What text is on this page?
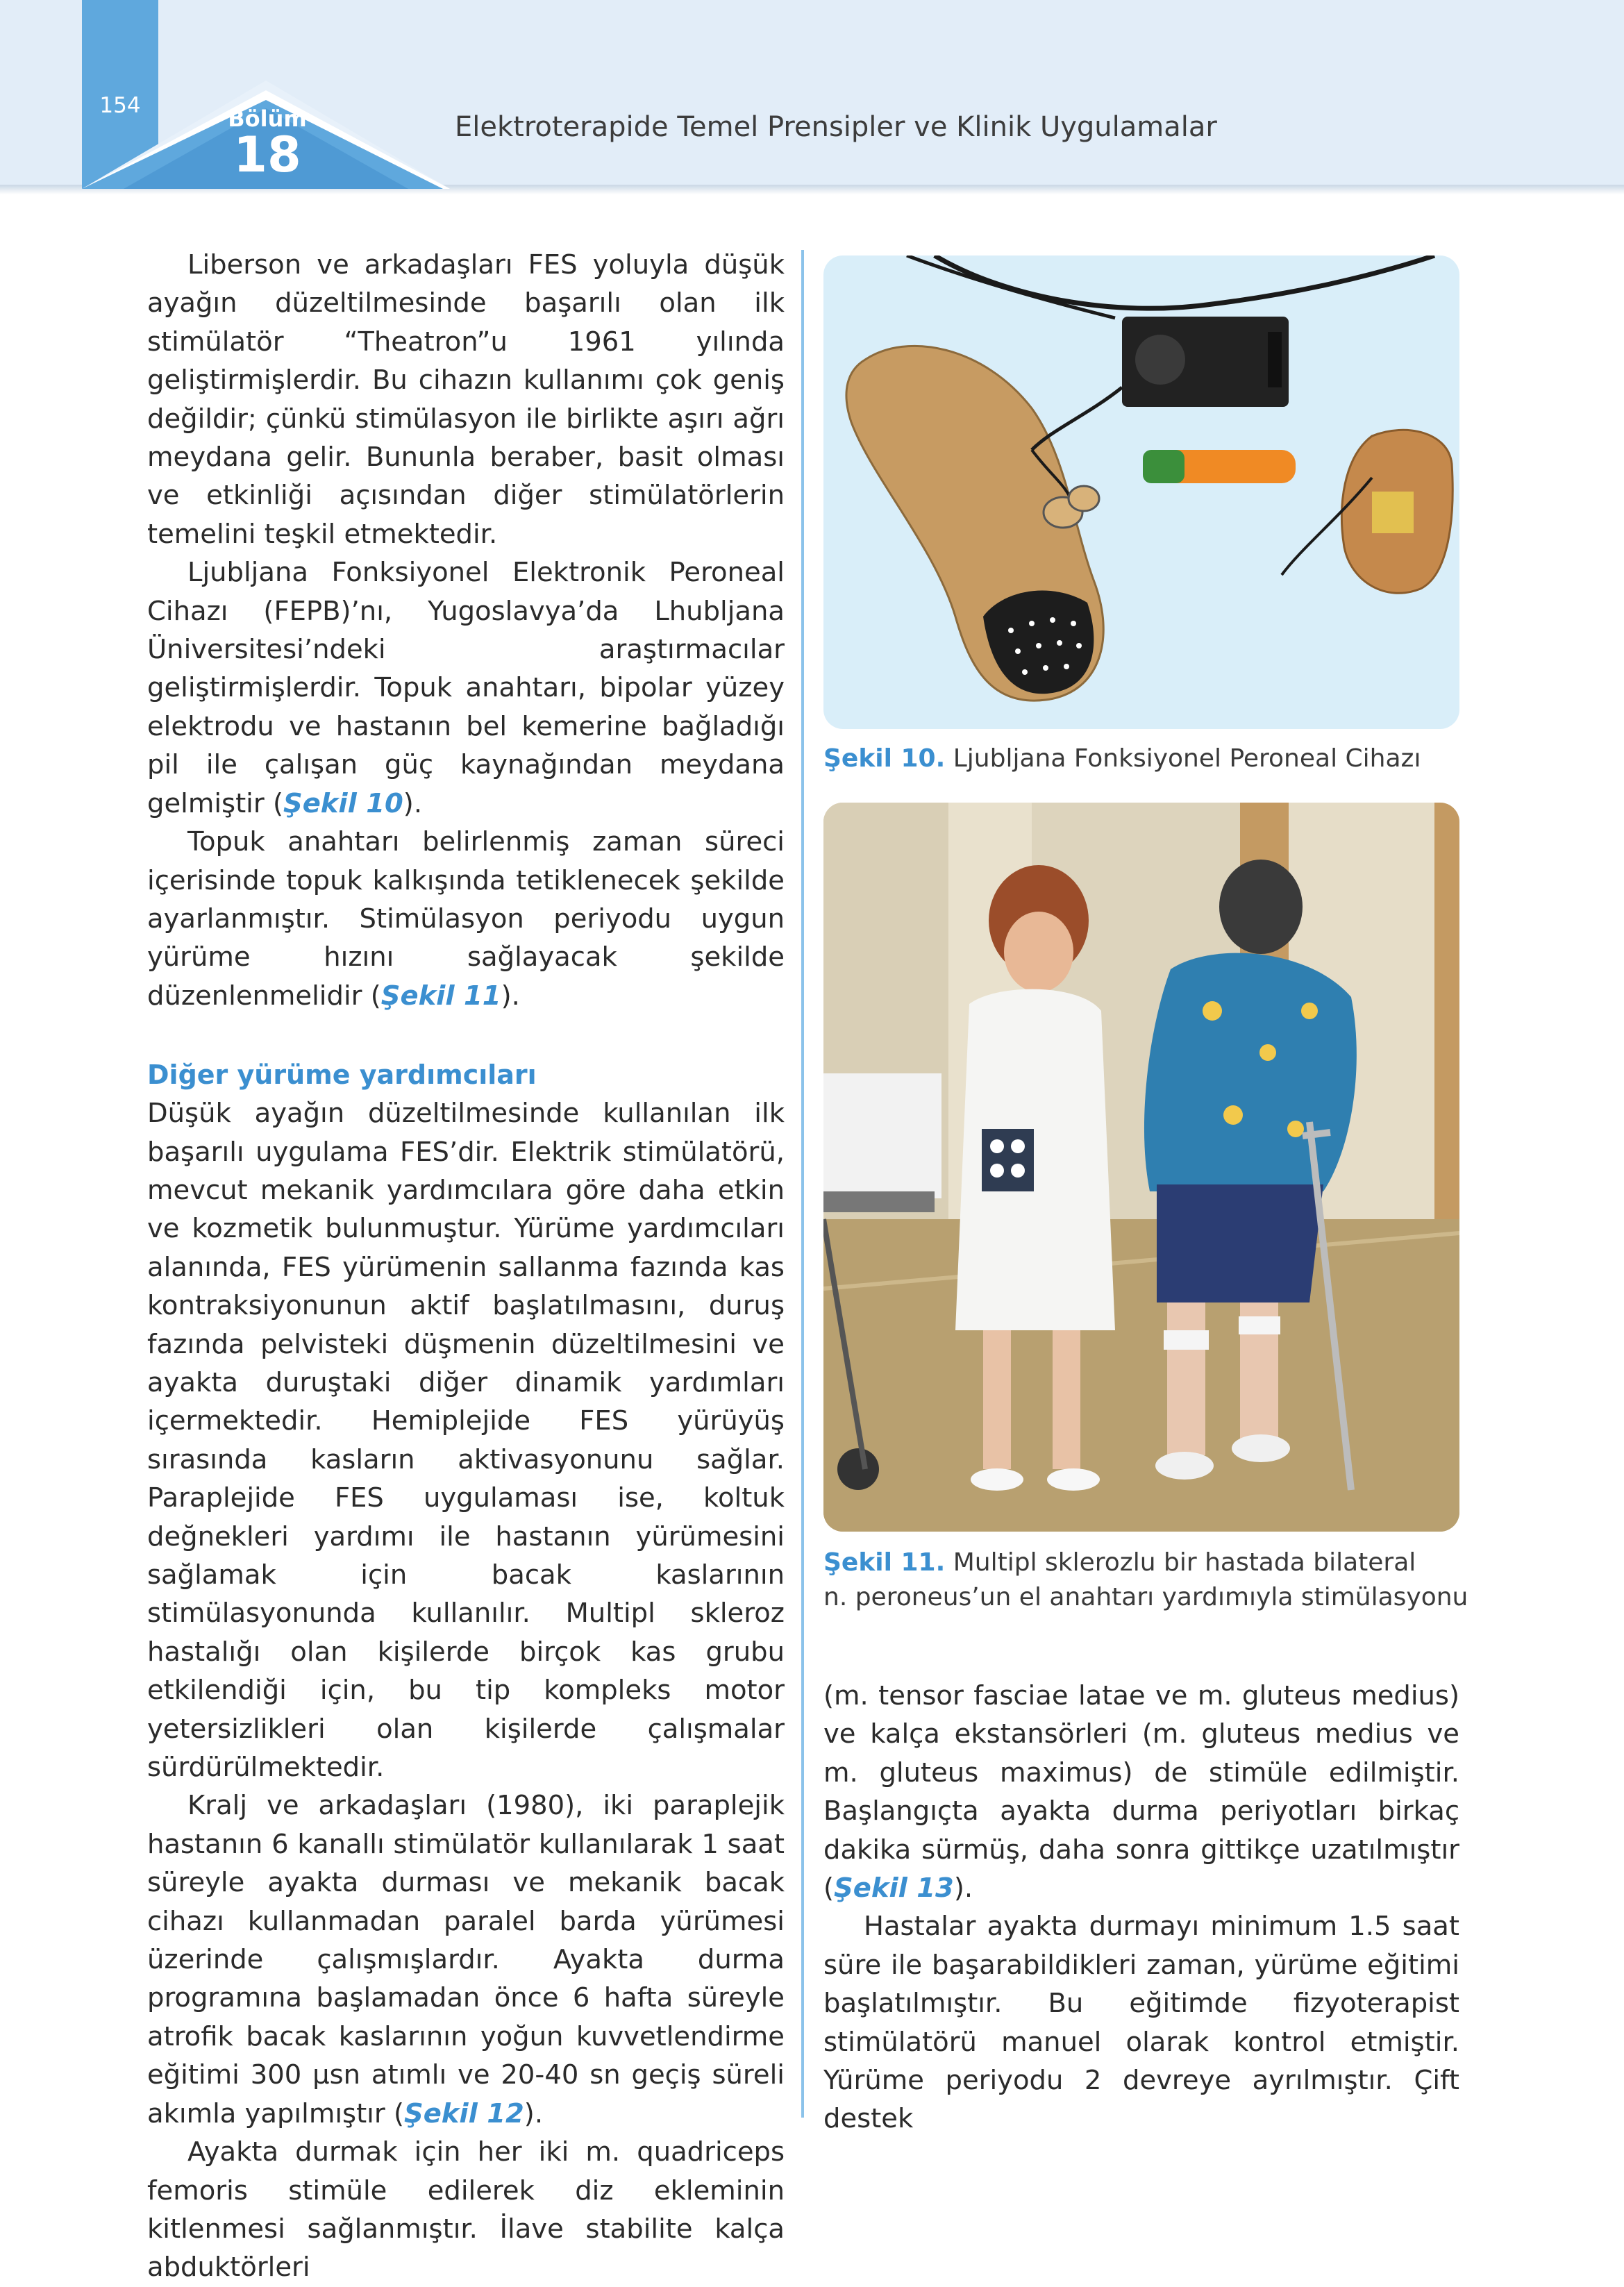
154	Bölüm
18	Elektroterapide Temel Prensipler ve Klinik Uygulamalar

Liberson ve arkadaşları FES yoluyla düşük ayağın düzeltilmesinde başarılı olan ilk stimülatör “Theatron”u 1961 yılında geliştirmişlerdir. Bu cihazın kullanımı çok geniş değildir; çünkü stimülasyon ile birlikte aşırı ağrı meydana gelir. Bununla beraber, basit olması ve etkinliği açısından diğer stimülatörlerin temelini teşkil etmektedir.

Ljubljana Fonksiyonel Elektronik Peroneal Cihazı (FEPB)’nı, Yugoslavya’da Lhubljana Üniversitesi’ndeki araştırmacılar geliştirmişlerdir. Topuk anahtarı, bipolar yüzey elektrodu ve hastanın bel kemerine bağladığı pil ile çalışan güç kaynağından meydana gelmiştir (Şekil 10).

Topuk anahtarı belirlenmiş zaman süreci içerisinde topuk kalkışında tetiklenecek şekilde ayarlanmıştır. Stimülasyon periyodu uygun yürüme hızını sağlayacak şekilde düzenlenmelidir (Şekil 11).

Diğer yürüme yardımcıları

Düşük ayağın düzeltilmesinde kullanılan ilk başarılı uygulama FES’dir. Elektrik stimülatörü, mevcut mekanik yardımcılara göre daha etkin ve kozmetik bulunmuştur. Yürüme yardımcıları alanında, FES yürümenin sallanma fazında kas kontraksiyonunun aktif başlatılmasını, duruş fazında pelvisteki düşmenin düzeltilmesini ve ayakta duruştaki diğer dinamik yardımları içermektedir. Hemiplejide FES yürüyüş sırasında kasların aktivasyonunu sağlar. Paraplejide FES uygulaması ise, koltuk değnekleri yardımı ile hastanın yürümesini sağlamak için bacak kaslarının stimülasyonunda kullanılır. Multipl skleroz hastalığı olan kişilerde birçok kas grubu etkilendiği için, bu tip kompleks motor yetersizlikleri olan kişilerde çalışmalar sürdürülmektedir.

Kralj ve arkadaşları (1980), iki paraplejik hastanın 6 kanallı stimülatör kullanılarak 1 saat süreyle ayakta durması ve mekanik bacak cihazı kullanmadan paralel barda yürümesi üzerinde çalışmışlardır. Ayakta durma programına başlamadan önce 6 hafta süreyle atrofik bacak kaslarının yoğun kuvvetlendirme eğitimi 300 µsn atımlı ve 20-40 sn geçiş süreli akımla yapılmıştır (Şekil 12).

Ayakta durmak için her iki m. quadriceps femoris stimüle edilerek diz ekleminin kitlenmesi sağlanmıştır. İlave stabilite kalça abduktörleri

Şekil 10. Ljubljana Fonksiyonel Peroneal Cihazı
Şekil 11. Multipl sklerozlu bir hastada bilateral
n. peroneus’un el anahtarı yardımıyla stimülasyonu

(m. tensor fasciae latae ve m. gluteus medius) ve kalça ekstansörleri (m. gluteus medius ve m. gluteus maximus) de stimüle edilmiştir. Başlangıçta ayakta durma periyotları birkaç dakika sürmüş, daha sonra gittikçe uzatılmıştır (Şekil 13).

Hastalar ayakta durmayı minimum 1.5 saat süre ile başarabildikleri zaman, yürüme eğitimi başlatılmıştır. Bu eğitimde fizyoterapist stimülatörü manuel olarak kontrol etmiştir. Yürüme periyodu 2 devreye ayrılmıştır. Çift destek
